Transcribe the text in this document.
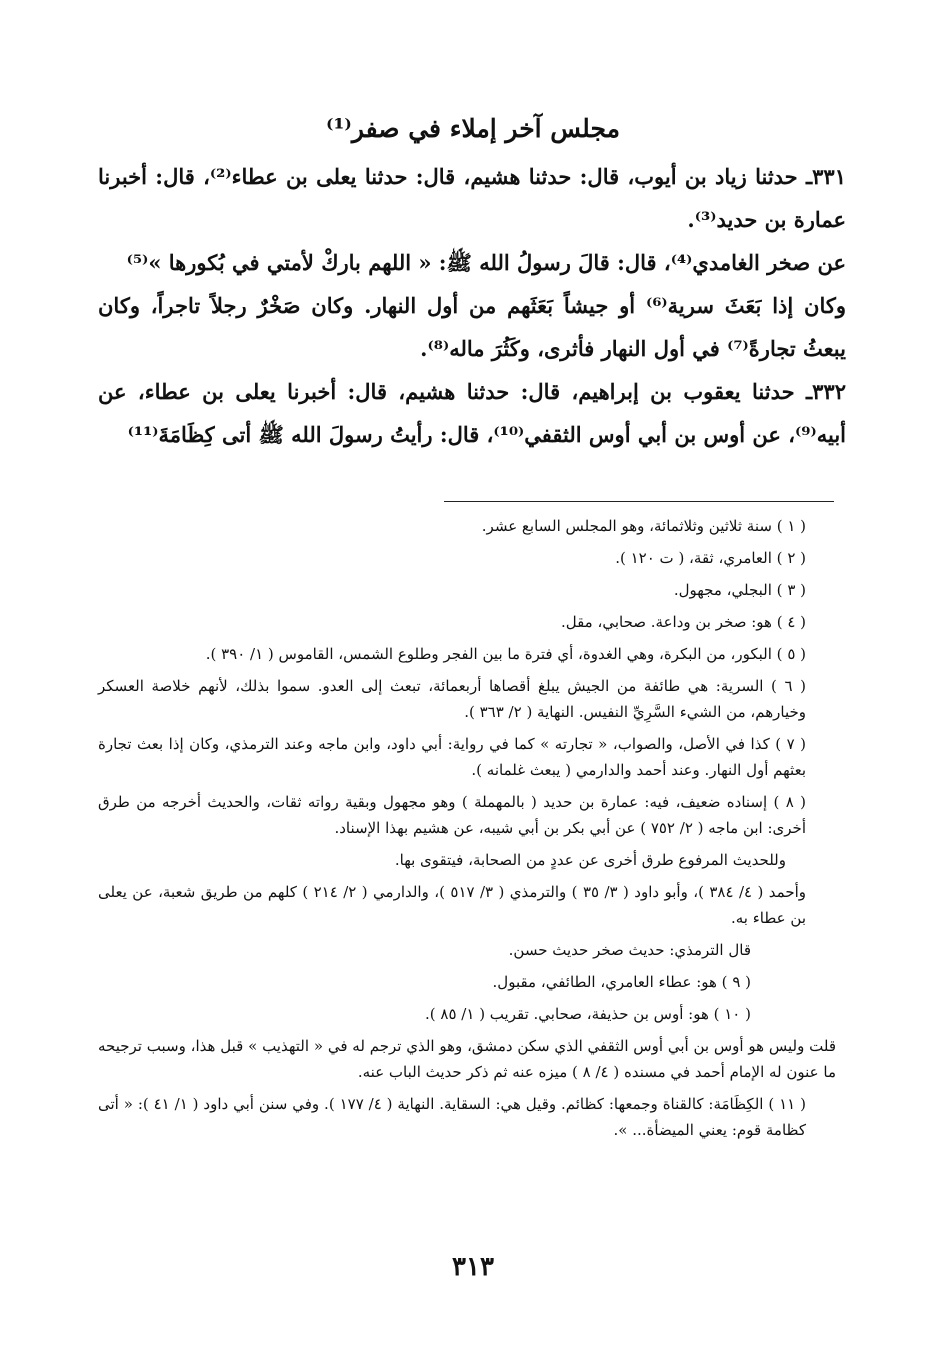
مجلس آخر إملاء في صفر⁽¹⁾

٣٣١ـ حدثنا زياد بن أيوب، قال: حدثنا هشيم، قال: حدثنا يعلى بن عطاء⁽²⁾، قال: أخبرنا عمارة بن حديد⁽³⁾.

عن صخر الغامدي⁽⁴⁾، قال: قالَ رسولُ الله ﷺ: « اللهم باركْ لأمتي في بُكورها »⁽⁵⁾

وكان إذا بَعَثَ سرية⁽⁶⁾ أو جيشاً بَعَثَهم من أول النهار. وكان صَخْرٌ رجلاً تاجراً، وكان يبعثُ تجارةً⁽⁷⁾ في أول النهار فأثرى، وكَثُرَ ماله⁽⁸⁾.

٣٣٢ـ حدثنا يعقوب بن إبراهيم، قال: حدثنا هشيم، قال: أخبرنا يعلى بن عطاء، عن أبيه⁽⁹⁾، عن أوس بن أبي أوس الثقفي⁽¹⁰⁾، قال: رأيتُ رسولَ الله ﷺ أتى كِظَامَةَ⁽¹¹⁾

( ١ ) سنة ثلاثين وثلاثمائة، وهو المجلس السابع عشر.

( ٢ ) العامري، ثقة، ( ت ١٢٠ ).

( ٣ ) البجلي، مجهول.

( ٤ ) هو: صخر بن وداعة. صحابي، مقل.

( ٥ ) البكور، من البكرة، وهي الغدوة، أي فترة ما بين الفجر وطلوع الشمس، القاموس ( ١/ ٣٩٠ ).

( ٦ ) السرية: هي طائفة من الجيش يبلغ أقصاها أربعمائة، تبعث إلى العدو. سموا بذلك، لأنهم خلاصة العسكر وخيارهم، من الشيء السَّرِيِّ النفيس. النهاية ( ٢/ ٣٦٣ ).

( ٧ ) كذا في الأصل، والصواب، « تجارته » كما في رواية: أبي داود، وابن ماجه وعند الترمذي، وكان إذا بعث تجارة بعثهم أول النهار. وعند أحمد والدارمي ( يبعث غلمانه ).

( ٨ ) إسناده ضعيف، فيه: عمارة بن حديد ( بالمهملة ) وهو مجهول وبقية رواته ثقات، والحديث أخرجه من طرق أخرى: ابن ماجه ( ٢/ ٧٥٢ ) عن أبي بكر بن أبي شيبه، عن هشيم بهذا الإسناد.

وللحديث المرفوع طرق أخرى عن عددٍ من الصحابة، فيتقوى بها.

وأحمد ( ٤/ ٣٨٤ )، وأبو داود ( ٣/ ٣٥ ) والترمذي ( ٣/ ٥١٧ )، والدارمي ( ٢/ ٢١٤ ) كلهم من طريق شعبة، عن يعلى بن عطاء به.

قال الترمذي: حديث صخر حديث حسن.

( ٩ ) هو: عطاء العامري، الطائفي، مقبول.

( ١٠ ) هو: أوس بن حذيفة، صحابي. تقريب ( ١/ ٨٥ ).

قلت وليس هو أوس بن أبي أوس الثقفي الذي سكن دمشق، وهو الذي ترجم له في « التهذيب » قبل هذا، وسبب ترجيحه ما عنون له الإمام أحمد في مسنده ( ٤/ ٨ ) ميزه عنه ثم ذكر حديث الباب عنه.

( ١١ ) الكِظَامَة: كالقناة وجمعها: كظائم. وقيل هي: السقاية. النهاية ( ٤/ ١٧٧ ). وفي سنن أبي داود ( ١/ ٤١ ): « أتى كظامة قوم: يعني الميضأة... ».

٣١٣
